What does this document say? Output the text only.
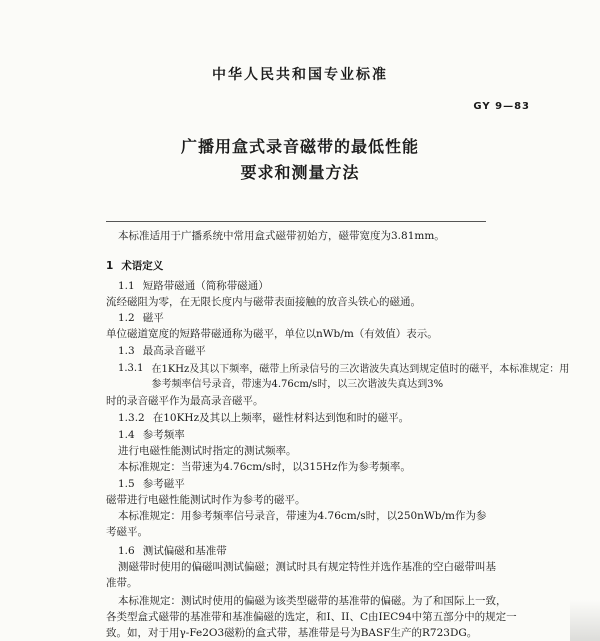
中华人民共和国专业标准
GY 9—83
广播用盒式录音磁带的最低性能
要求和测量方法
本标准适用于广播系统中常用盒式磁带初始方，磁带宽度为3.81mm。
1 术语定义
1.1 短路带磁通（简称带磁通）
流经磁阻为零，在无限长度内与磁带表面接触的放音头铁心的磁通。
1.2 磁平
单位磁道宽度的短路带磁通称为磁平，单位以nWb/m（有效值）表示。
1.3 最高录音磁平
1.3.1 在1KHz及其以下频率，磁带上所录信号的三次谐波失真达到规定值时的磁平，本标准规定：用参考频率信号录音，带速为4.76cm/s时，以三次谐波失真达到3%
时的录音磁平作为最高录音磁平。
1.3.2 在10KHz及其以上频率，磁性材料达到饱和时的磁平。
1.4 参考频率
进行电磁性能测试时指定的测试频率。
本标准规定：当带速为4.76cm/s时，以315Hz作为参考频率。
1.5 参考磁平
磁带进行电磁性能测试时作为参考的磁平。
本标准规定：用参考频率信号录音，带速为4.76cm/s时，以250nWb/m作为参
考磁平。
1.6 测试偏磁和基准带
测磁带时使用的偏磁叫测试偏磁；测试时具有规定特性并选作基准的空白磁带叫基
准带。
本标准规定：测试时使用的偏磁为该类型磁带的基准带的偏磁。为了和国际上一致，
各类型盒式磁带的基准带和基准偏磁的选定，和I、II、C由IEC94中第五部分中的规定一
致。如，对于用γ-Fe2O3磁粉的盒式带，基准带是号为BASF生产的R723DG。
